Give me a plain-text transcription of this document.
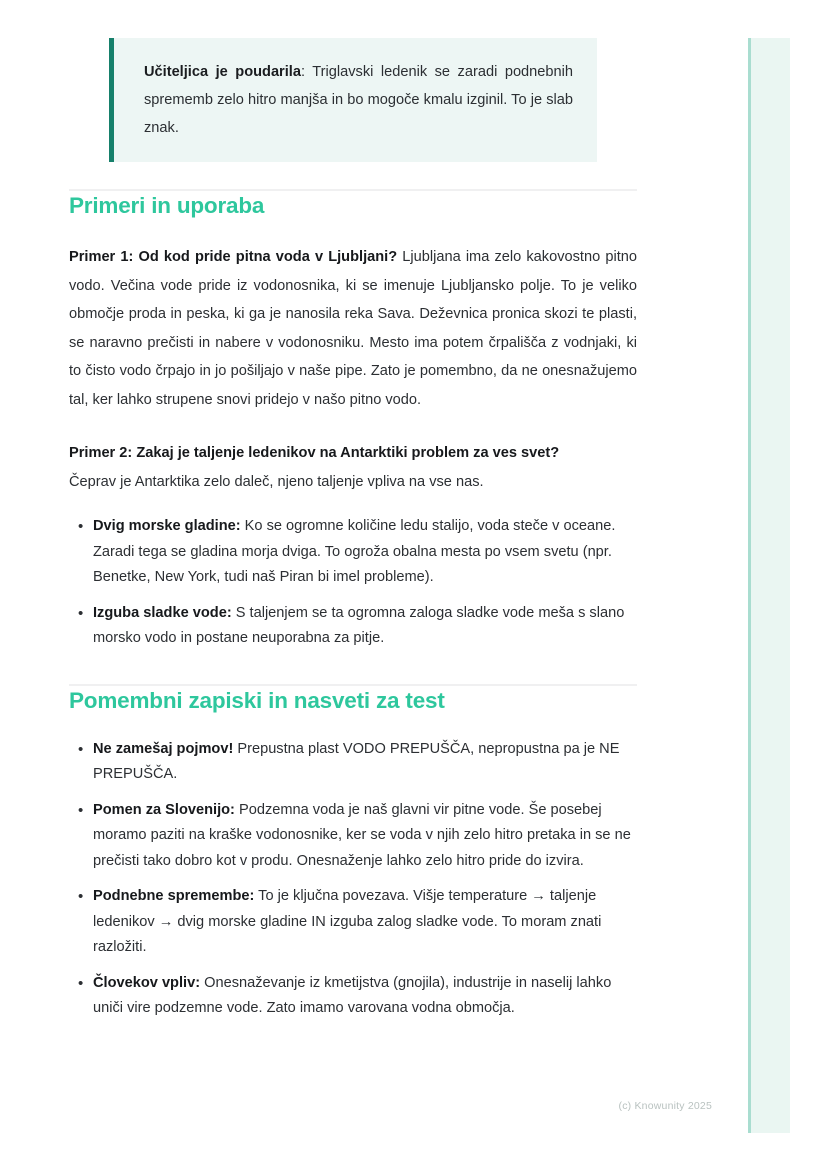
Učiteljica je poudarila: Triglavski ledenik se zaradi podnebnih sprememb zelo hitro manjša in bo mogoče kmalu izginil. To je slab znak.

Primeri in uporaba

Primer 1: Od kod pride pitna voda v Ljubljani? Ljubljana ima zelo kakovostno pitno vodo. Večina vode pride iz vodonosnika, ki se imenuje Ljubljansko polje. To je veliko območje proda in peska, ki ga je nanosila reka Sava. Deževnica pronica skozi te plasti, se naravno prečisti in nabere v vodonosniku. Mesto ima potem črpališča z vodnjaki, ki to čisto vodo črpajo in jo pošiljajo v naše pipe. Zato je pomembno, da ne onesnažujemo tal, ker lahko strupene snovi pridejo v našo pitno vodo.

Primer 2: Zakaj je taljenje ledenikov na Antarktiki problem za ves svet?
Čeprav je Antarktika zelo daleč, njeno taljenje vpliva na vse nas.

• Dvig morske gladine: Ko se ogromne količine ledu stalijo, voda steče v oceane. Zaradi tega se gladina morja dviga. To ogroža obalna mesta po vsem svetu (npr. Benetke, New York, tudi naš Piran bi imel probleme).
• Izguba sladke vode: S taljenjem se ta ogromna zaloga sladke vode meša s slano morsko vodo in postane neuporabna za pitje.
Pomembni zapiski in nasveti za test
• Ne zamešaj pojmov! Prepustna plast VODO PREPUŠČA, nepropustna pa je NE PREPUŠČA.
• Pomen za Slovenijo: Podzemna voda je naš glavni vir pitne vode. Še posebej moramo paziti na kraške vodonosnike, ker se voda v njih zelo hitro pretaka in se ne prečisti tako dobro kot v produ. Onesnaženje lahko zelo hitro pride do izvira.
• Podnebne spremembe: To je ključna povezava. Višje temperature → taljenje ledenikov → dvig morske gladine IN izguba zalog sladke vode. To moram znati razložiti.
• Človekov vpliv: Onesnaževanje iz kmetijstva (gnojila), industrije in naselij lahko uniči vire podzemne vode. Zato imamo varovana vodna območja.
(c) Knowunity 2025
